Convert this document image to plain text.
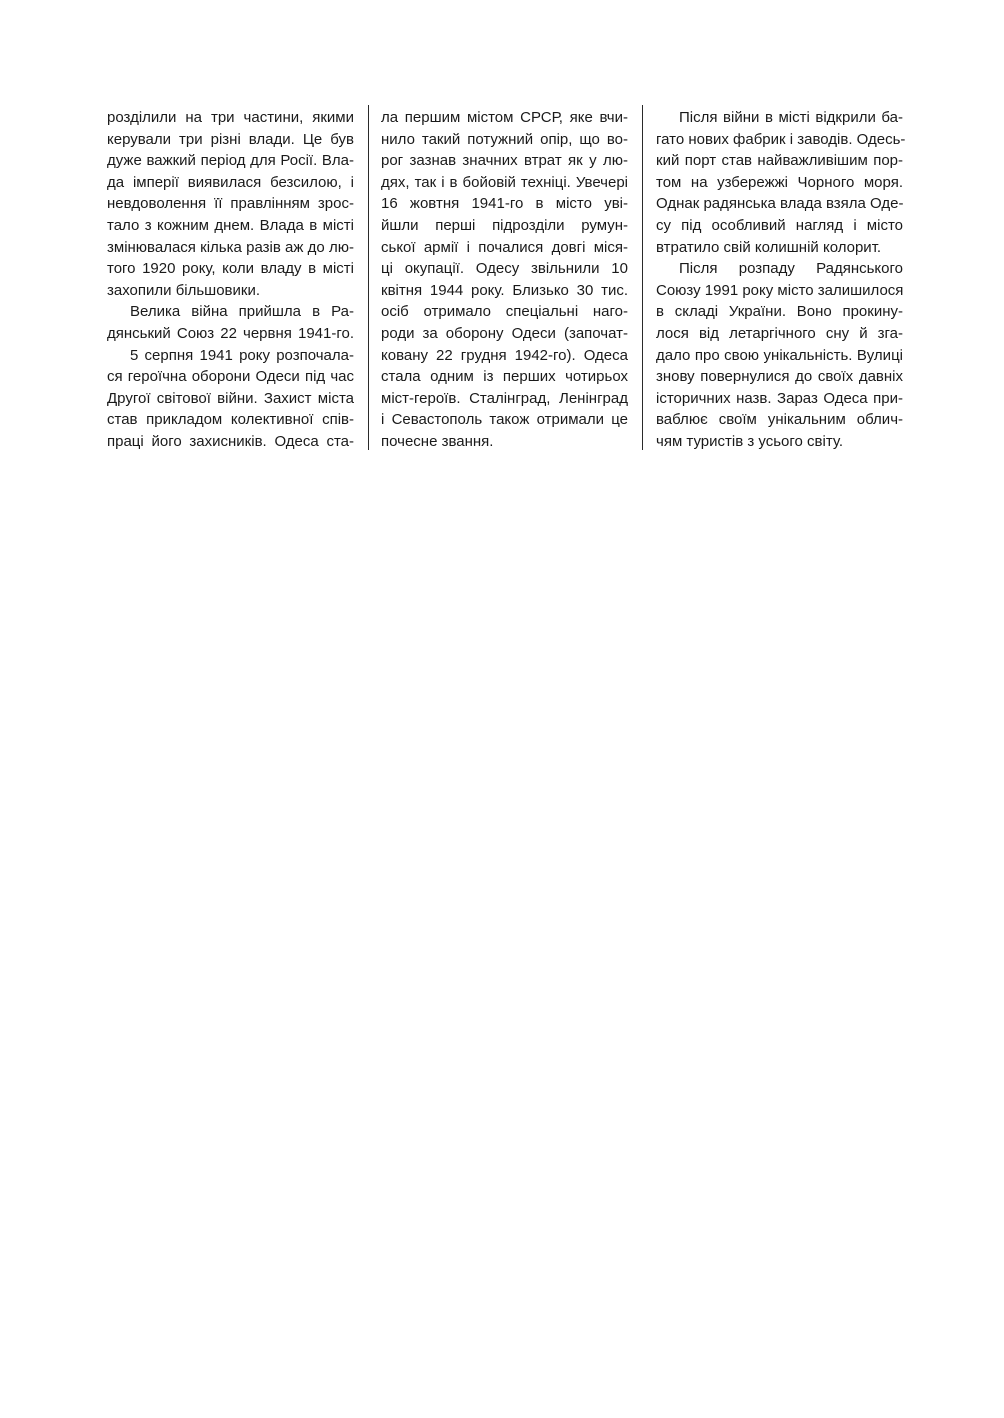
розділили на три частини, якими
керували три різні влади. Це був
дуже важкий період для Росії. Вла-
да імперії виявилася безсилою, і
невдоволення її правлінням зрос-
тало з кожним днем. Влада в місті
змінювалася кілька разів аж до лю-
того 1920 року, коли владу в місті
захопили більшовики.
Велика війна прийшла в Ра-
дянський Союз 22 червня 1941-го.
5 серпня 1941 року розпочала-
ся героїчна оборони Одеси під час
Другої світової війни. Захист міста
став прикладом колективної спів-
праці його захисників. Одеса ста-
ла першим містом СРСР, яке вчи-
нило такий потужний опір, що во-
рог зазнав значних втрат як у лю-
дях, так і в бойовій техніці. Увечері
16 жовтня 1941-го в місто уві-
йшли перші підрозділи румун-
ської армії і почалися довгі міся-
ці окупації. Одесу звільнили 10
квітня 1944 року. Близько 30 тис.
осіб отримало спеціальні наго-
роди за оборону Одеси (започат-
ковану 22 грудня 1942-го). Одеса
стала одним із перших чотирьох
міст-героїв. Сталінград, Ленінград
і Севастополь також отримали це
почесне звання.
Після війни в місті відкрили ба-
гато нових фабрик і заводів. Одесь-
кий порт став найважливішим пор-
том на узбережжі Чорного моря.
Однак радянська влада взяла Оде-
су під особливий нагляд і місто
втратило свій колишній колорит.
Після розпаду Радянського
Союзу 1991 року місто залишилося
в складі України. Воно прокину-
лося від летаргічного сну й зга-
дало про свою унікальність. Вулиці
знову повернулися до своїх давніх
історичних назв. Зараз Одеса при-
ваблює своїм унікальним облич-
чям туристів з усього світу.
